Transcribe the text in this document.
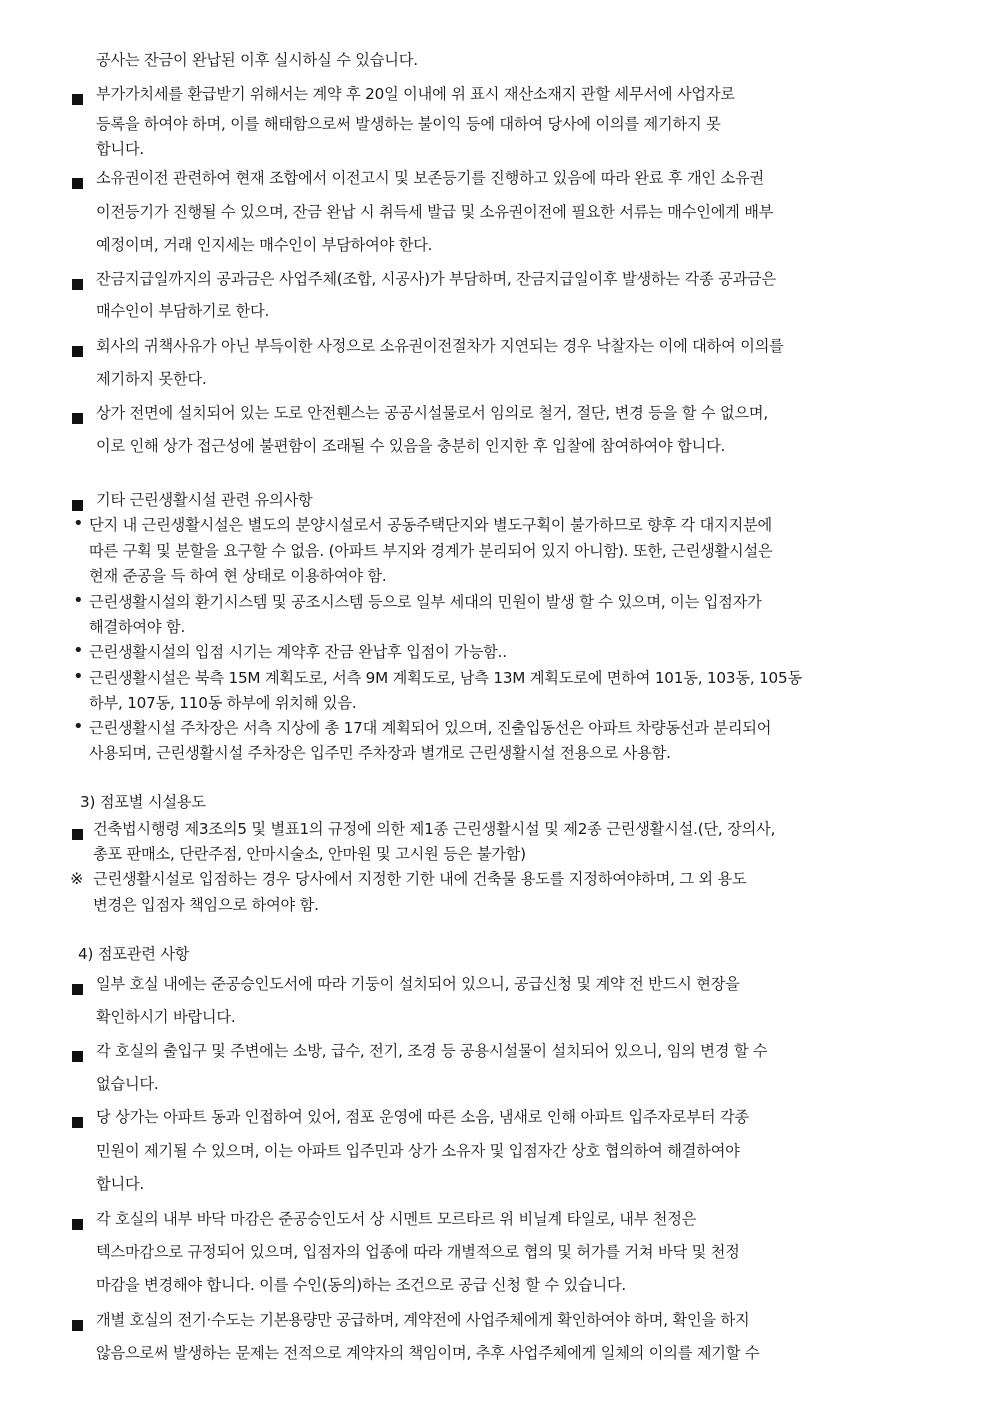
공사는 잔금이 완납된 이후 실시하실 수 있습니다.
부가가치세를 환급받기 위해서는 계약 후 20일 이내에 위 표시 재산소재지 관할 세무서에 사업자로
등록을 하여야 하며, 이를 해태함으로써 발생하는 불이익 등에 대하여 당사에 이의를 제기하지 못
합니다.
소유권이전 관련하여 현재 조합에서 이전고시 및 보존등기를 진행하고 있음에 따라 완료 후 개인 소유권
이전등기가 진행될 수 있으며, 잔금 완납 시 취득세 발급 및 소유권이전에 필요한 서류는 매수인에게 배부
예정이며, 거래 인지세는 매수인이 부담하여야 한다.
잔금지급일까지의 공과금은 사업주체(조합, 시공사)가 부담하며, 잔금지급일이후 발생하는 각종 공과금은
매수인이 부담하기로 한다.
회사의 귀책사유가 아닌 부득이한 사정으로 소유권이전절차가 지연되는 경우 낙찰자는 이에 대하여 이의를
제기하지 못한다.
상가 전면에 설치되어 있는 도로 안전휀스는 공공시설물로서 임의로 철거, 절단, 변경 등을 할 수 없으며,
이로 인해 상가 접근성에 불편함이 조래될 수 있음을 충분히 인지한 후 입찰에 참여하여야 합니다.
기타 근린생활시설 관련 유의사항
• 단지 내 근린생활시설은 별도의 분양시설로서 공동주택단지와 별도구획이 불가하므로 향후 각 대지지분에
따른 구획 및 분할을 요구할 수 없음. (아파트 부지와 경계가 분리되어 있지 아니함). 또한, 근린생활시설은
현재 준공을 득 하여 현 상태로 이용하여야 함.
• 근린생활시설의 환기시스템 및 공조시스템 등으로 일부 세대의 민원이 발생 할 수 있으며, 이는 입점자가
해결하여야 함.
• 근린생활시설의 입점 시기는 계약후 잔금 완납후 입점이 가능함..
• 근린생활시설은 북측 15M 계획도로, 서측 9M 계획도로, 남측 13M 계획도로에 면하여 101동, 103동, 105동
하부, 107동, 110동 하부에 위치해 있음.
• 근린생활시설 주차장은 서측 지상에 총 17대 계획되어 있으며, 진출입동선은 아파트 차량동선과 분리되어
사용되며, 근린생활시설 주차장은 입주민 주차장과 별개로 근린생활시설 전용으로 사용함.
3) 점포별 시설용도
건축법시행령 제3조의5 및 별표1의 규정에 의한 제1종 근린생활시설 및 제2종 근린생활시설.(단, 장의사,
총포 판매소, 단란주점, 안마시술소, 안마원 및 고시원 등은 불가함)
※ 근린생활시설로 입점하는 경우 당사에서 지정한 기한 내에 건축물 용도를 지정하여야하며, 그 외 용도
변경은 입점자 책임으로 하여야 함.
4) 점포관련 사항
일부 호실 내에는 준공승인도서에 따라 기둥이 설치되어 있으니, 공급신청 및 계약 전 반드시 현장을
확인하시기 바랍니다.
각 호실의 출입구 및 주변에는 소방, 급수, 전기, 조경 등 공용시설물이 설치되어 있으니, 임의 변경 할 수
없습니다.
당 상가는 아파트 동과 인접하여 있어, 점포 운영에 따른 소음, 냄새로 인해 아파트 입주자로부터 각종
민원이 제기될 수 있으며, 이는 아파트 입주민과 상가 소유자 및 입점자간 상호 협의하여 해결하여야
합니다.
각 호실의 내부 바닥 마감은 준공승인도서 상 시멘트 모르타르 위 비닐계 타일로, 내부 천정은
텍스마감으로 규정되어 있으며, 입점자의 업종에 따라 개별적으로 협의 및 허가를 거쳐 바닥 및 천정
마감을 변경해야 합니다. 이를 수인(동의)하는 조건으로 공급 신청 할 수 있습니다.
개별 호실의 전기·수도는 기본용량만 공급하며, 계약전에 사업주체에게 확인하여야 하며, 확인을 하지
않음으로써 발생하는 문제는 전적으로 계약자의 책임이며, 추후 사업주체에게 일체의 이의를 제기할 수
